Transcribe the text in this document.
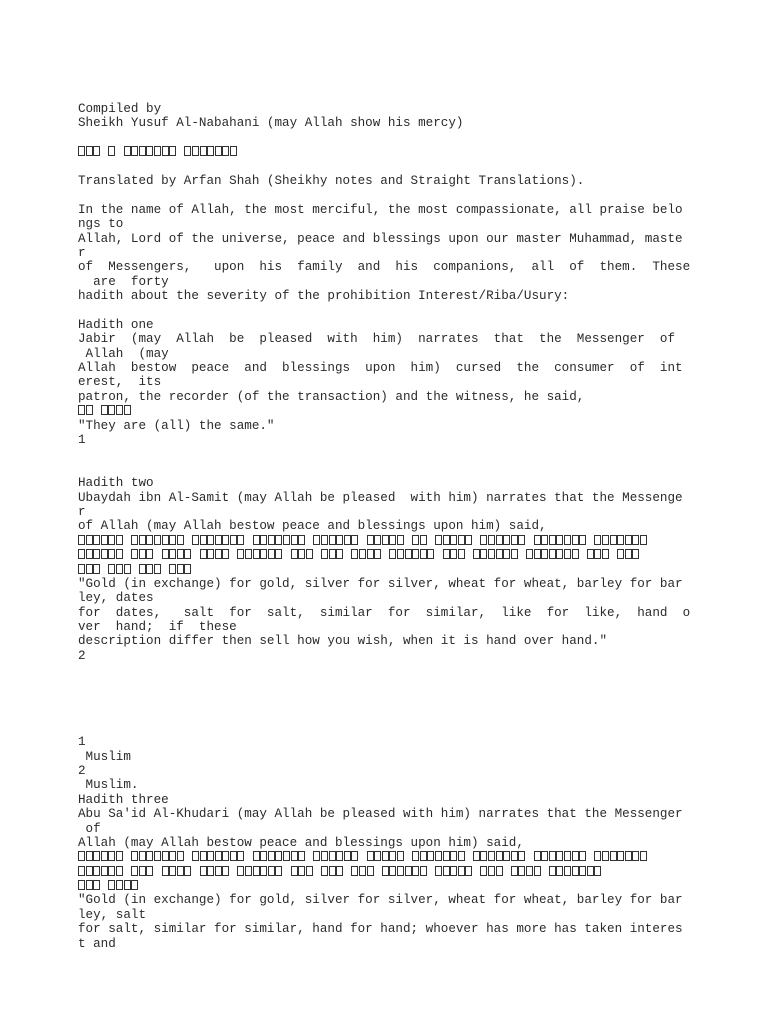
Compiled by
Sheikh Yusuf Al-Nabahani (may Allah show his mercy)
Translated by Arfan Shah (Sheikhy notes and Straight Translations).
In the name of Allah, the most merciful, the most compassionate, all praise belo
ngs to
Allah, Lord of the universe, peace and blessings upon our master Muhammad, maste
r
of  Messengers,   upon  his  family  and  his  companions,  all  of  them.  These
are  forty
hadith about the severity of the prohibition Interest/Riba/Usury:
Hadith one
Jabir  (may  Allah  be  pleased  with  him)  narrates  that  the  Messenger  of
Allah  (may
Allah  bestow  peace  and  blessings  upon  him)  cursed  the  consumer  of  int
erest,  its
patron, the recorder (of the transaction) and the witness, he said,
"They are (all) the same."
1
Hadith two
Ubaydah ibn Al-Samit (may Allah be pleased  with him) narrates that the Messenge
r
of Allah (may Allah bestow peace and blessings upon him) said,
"Gold (in exchange) for gold, silver for silver, wheat for wheat, barley for bar
ley, dates
for  dates,   salt  for  salt,  similar  for  similar,  like  for  like,  hand  o
ver  hand;  if  these
description differ then sell how you wish, when it is hand over hand."
2
1
Muslim
2
Muslim.
Hadith three
Abu Sa'id Al-Khudari (may Allah be pleased with him) narrates that the Messenger
of
Allah (may Allah bestow peace and blessings upon him) said,
"Gold (in exchange) for gold, silver for silver, wheat for wheat, barley for bar
ley, salt
for salt, similar for similar, hand for hand; whoever has more has taken interes
t and
